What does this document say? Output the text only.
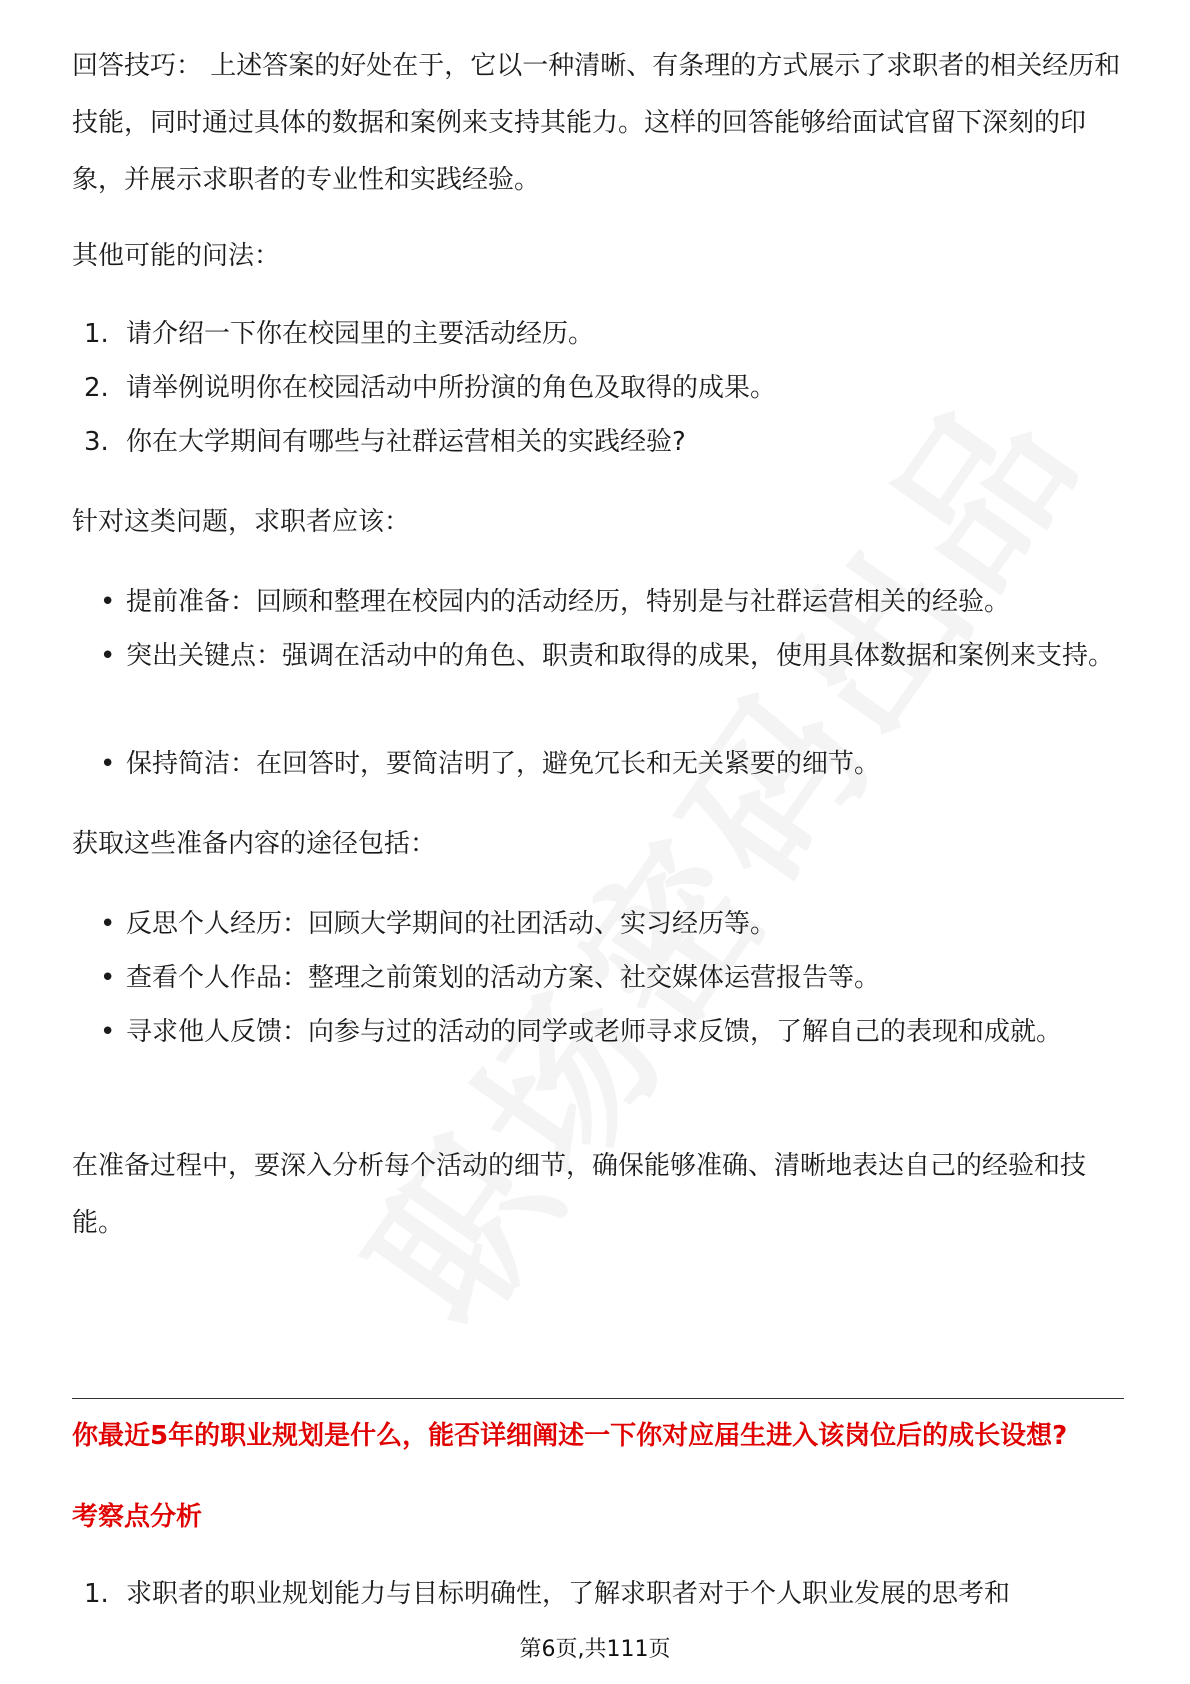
回答技巧： 上述答案的好处在于，它以一种清晰、有条理的方式展示了求职者的相关经历和技能，同时通过具体的数据和案例来支持其能力。这样的回答能够给面试官留下深刻的印象，并展示求职者的专业性和实践经验。

其他可能的问法：

1. 请介绍一下你在校园里的主要活动经历。
2. 请举例说明你在校园活动中所扮演的角色及取得的成果。
3. 你在大学期间有哪些与社群运营相关的实践经验?

针对这类问题，求职者应该：

• 提前准备：回顾和整理在校园内的活动经历，特别是与社群运营相关的经验。
• 突出关键点：强调在活动中的角色、职责和取得的成果，使用具体数据和案例来支持。
• 保持简洁：在回答时，要简洁明了，避免冗长和无关紧要的细节。

获取这些准备内容的途径包括：

• 反思个人经历：回顾大学期间的社团活动、实习经历等。
• 查看个人作品：整理之前策划的活动方案、社交媒体运营报告等。
• 寻求他人反馈：向参与过的活动的同学或老师寻求反馈，了解自己的表现和成就。

在准备过程中，要深入分析每个活动的细节，确保能够准确、清晰地表达自己的经验和技能。

你最近5年的职业规划是什么，能否详细阐述一下你对应届生进入该岗位后的成长设想?

考察点分析

1. 求职者的职业规划能力与目标明确性，了解求职者对于个人职业发展的思考和
第6页,共111页
